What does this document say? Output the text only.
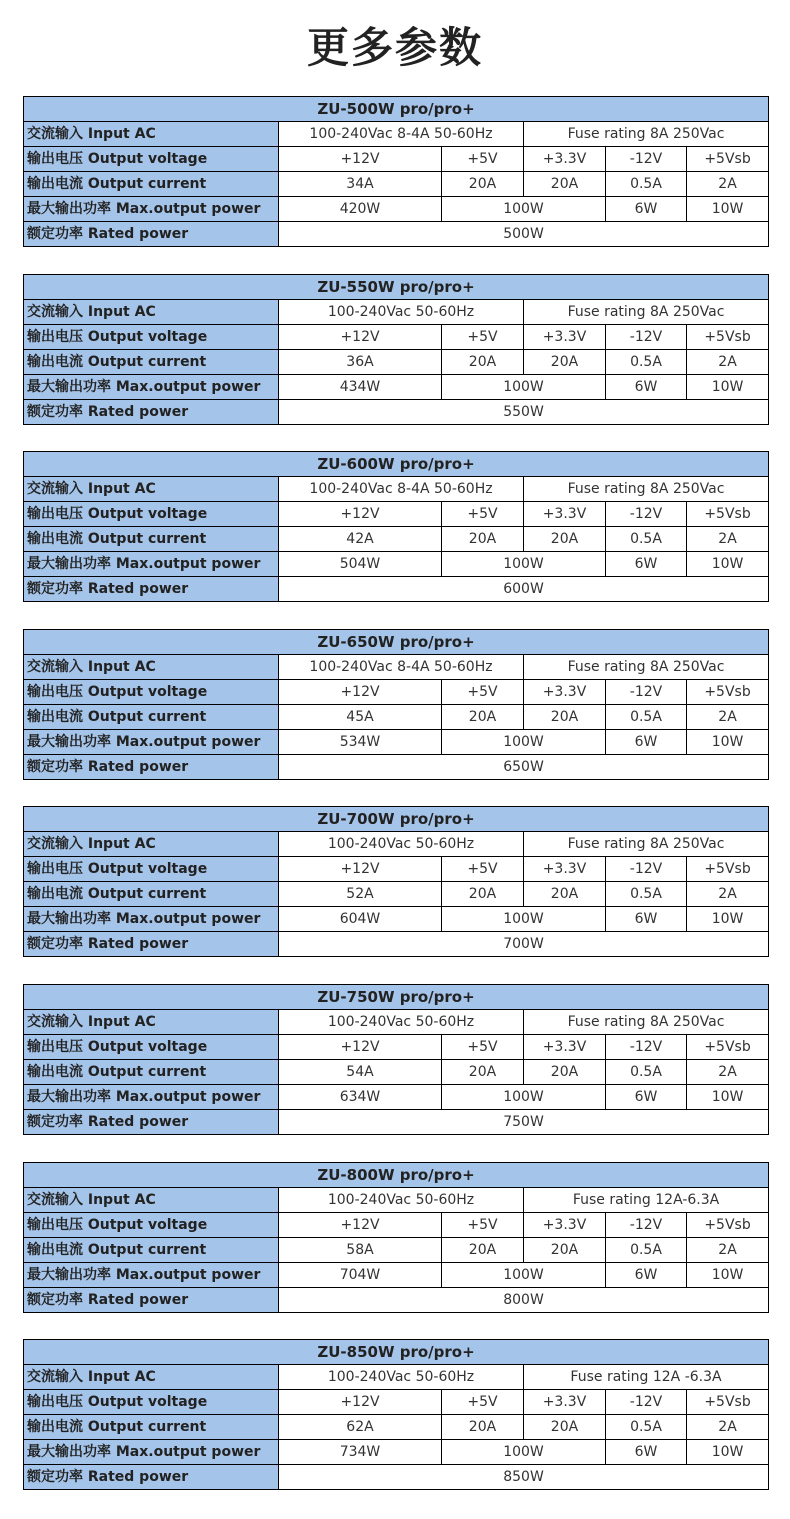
更多参数
ZU-500W pro/pro+					
交流输入 Input AC	100-240Vac 8-4A 50-60Hz		Fuse rating 8A 250Vac		
输出电压 Output voltage	+12V	+5V	+3.3V	-12V	+5Vsb
输出电流 Output current	34A	20A	20A	0.5A	2A
最大输出功率 Max.output power	420W	100W		6W	10W
额定功率 Rated power	500W				
ZU-550W pro/pro+					
交流输入 Input AC	100-240Vac 50-60Hz		Fuse rating 8A 250Vac		
输出电压 Output voltage	+12V	+5V	+3.3V	-12V	+5Vsb
输出电流 Output current	36A	20A	20A	0.5A	2A
最大输出功率 Max.output power	434W	100W		6W	10W
额定功率 Rated power	550W				
ZU-600W pro/pro+					
交流输入 Input AC	100-240Vac 8-4A 50-60Hz		Fuse rating 8A 250Vac		
输出电压 Output voltage	+12V	+5V	+3.3V	-12V	+5Vsb
输出电流 Output current	42A	20A	20A	0.5A	2A
最大输出功率 Max.output power	504W	100W		6W	10W
额定功率 Rated power	600W				
ZU-650W pro/pro+					
交流输入 Input AC	100-240Vac 8-4A 50-60Hz		Fuse rating 8A 250Vac		
输出电压 Output voltage	+12V	+5V	+3.3V	-12V	+5Vsb
输出电流 Output current	45A	20A	20A	0.5A	2A
最大输出功率 Max.output power	534W	100W		6W	10W
额定功率 Rated power	650W				
ZU-700W pro/pro+					
交流输入 Input AC	100-240Vac 50-60Hz		Fuse rating 8A 250Vac		
输出电压 Output voltage	+12V	+5V	+3.3V	-12V	+5Vsb
输出电流 Output current	52A	20A	20A	0.5A	2A
最大输出功率 Max.output power	604W	100W		6W	10W
额定功率 Rated power	700W				
ZU-750W pro/pro+					
交流输入 Input AC	100-240Vac 50-60Hz		Fuse rating 8A 250Vac		
输出电压 Output voltage	+12V	+5V	+3.3V	-12V	+5Vsb
输出电流 Output current	54A	20A	20A	0.5A	2A
最大输出功率 Max.output power	634W	100W		6W	10W
额定功率 Rated power	750W				
ZU-800W pro/pro+					
交流输入 Input AC	100-240Vac 50-60Hz		Fuse rating 12A-6.3A		
输出电压 Output voltage	+12V	+5V	+3.3V	-12V	+5Vsb
输出电流 Output current	58A	20A	20A	0.5A	2A
最大输出功率 Max.output power	704W	100W		6W	10W
额定功率 Rated power	800W				
ZU-850W pro/pro+					
交流输入 Input AC	100-240Vac 50-60Hz		Fuse rating 12A -6.3A		
输出电压 Output voltage	+12V	+5V	+3.3V	-12V	+5Vsb
输出电流 Output current	62A	20A	20A	0.5A	2A
最大输出功率 Max.output power	734W	100W		6W	10W
额定功率 Rated power	850W				
